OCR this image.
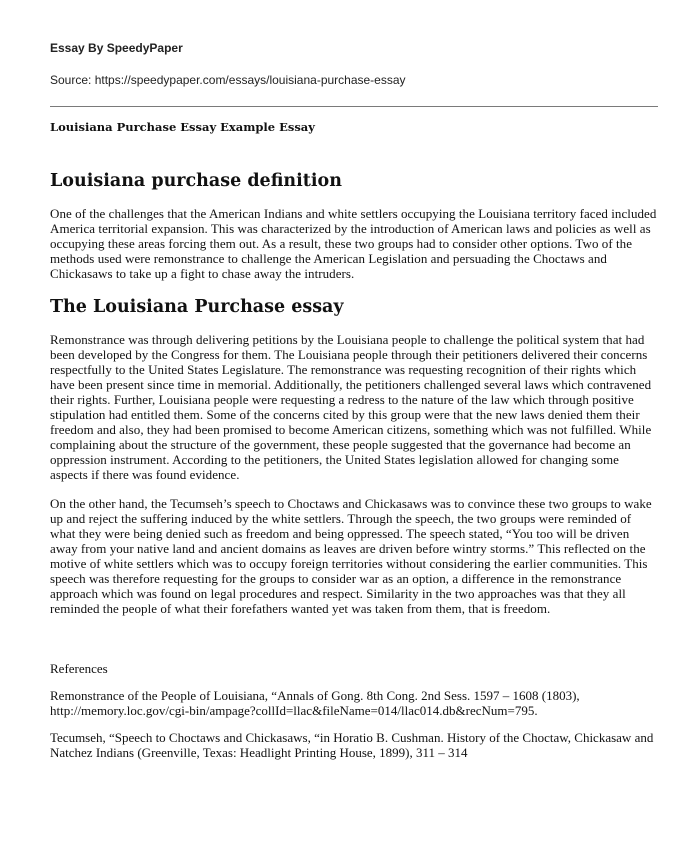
Essay By SpeedyPaper

Source: https://speedypaper.com/essays/louisiana-purchase-essay

Louisiana Purchase Essay Example Essay

Louisiana purchase definition

One of the challenges that the American Indians and white settlers occupying the Louisiana territory faced included America territorial expansion. This was characterized by the introduction of American laws and policies as well as occupying these areas forcing them out. As a result, these two groups had to consider other options. Two of the methods used were remonstrance to challenge the American Legislation and persuading the Choctaws and Chickasaws to take up a fight to chase away the intruders.

The Louisiana Purchase essay

Remonstrance was through delivering petitions by the Louisiana people to challenge the political system that had been developed by the Congress for them. The Louisiana people through their petitioners delivered their concerns respectfully to the United States Legislature. The remonstrance was requesting recognition of their rights which have been present since time in memorial. Additionally, the petitioners challenged several laws which contravened their rights. Further, Louisiana people were requesting a redress to the nature of the law which through positive stipulation had entitled them. Some of the concerns cited by this group were that the new laws denied them their freedom and also, they had been promised to become American citizens, something which was not fulfilled. While complaining about the structure of the government, these people suggested that the governance had become an oppression instrument. According to the petitioners, the United States legislation allowed for changing some aspects if there was found evidence.

On the other hand, the Tecumseh’s speech to Choctaws and Chickasaws was to convince these two groups to wake up and reject the suffering induced by the white settlers. Through the speech, the two groups were reminded of what they were being denied such as freedom and being oppressed. The speech stated, “You too will be driven away from your native land and ancient domains as leaves are driven before wintry storms.” This reflected on the motive of white settlers which was to occupy foreign territories without considering the earlier communities. This speech was therefore requesting for the groups to consider war as an option, a difference in the remonstrance approach which was found on legal procedures and respect. Similarity in the two approaches was that they all reminded the people of what their forefathers wanted yet was taken from them, that is freedom.

References

Remonstrance of the People of Louisiana, “Annals of Gong. 8th Cong. 2nd Sess. 1597 – 1608 (1803), http://memory.loc.gov/cgi-bin/ampage?collId=llac&fileName=014/llac014.db&recNum=795.

Tecumseh, “Speech to Choctaws and Chickasaws, “in Horatio B. Cushman. History of the Choctaw, Chickasaw and Natchez Indians (Greenville, Texas: Headlight Printing House, 1899), 311 – 314
